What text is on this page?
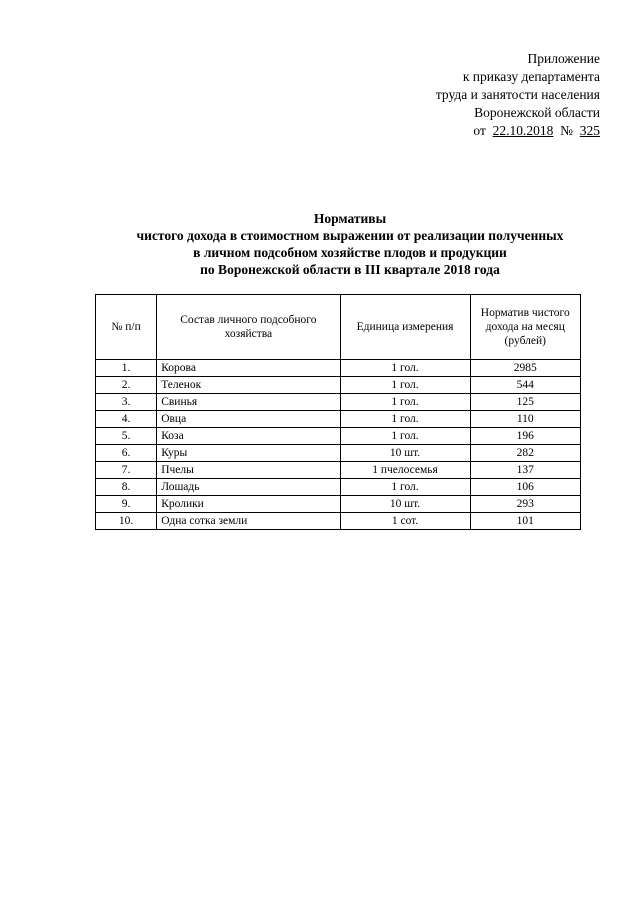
Приложение
к приказу департамента
труда и занятости населения
Воронежской области
от 22.10.2018 № 325
Нормативы
чистого дохода в стоимостном выражении от реализации полученных
в личном подсобном хозяйстве плодов и продукции
по Воронежской области в III квартале 2018 года
№ п/п	Состав личного подсобного хозяйства	Единица измерения	Норматив чистого дохода на месяц (рублей)
1.	Корова	1 гол.	2985
2.	Теленок	1 гол.	544
3.	Свинья	1 гол.	125
4.	Овца	1 гол.	110
5.	Коза	1 гол.	196
6.	Куры	10 шт.	282
7.	Пчелы	1 пчелосемья	137
8.	Лошадь	1 гол.	106
9.	Кролики	10 шт.	293
10.	Одна сотка земли	1 сот.	101
